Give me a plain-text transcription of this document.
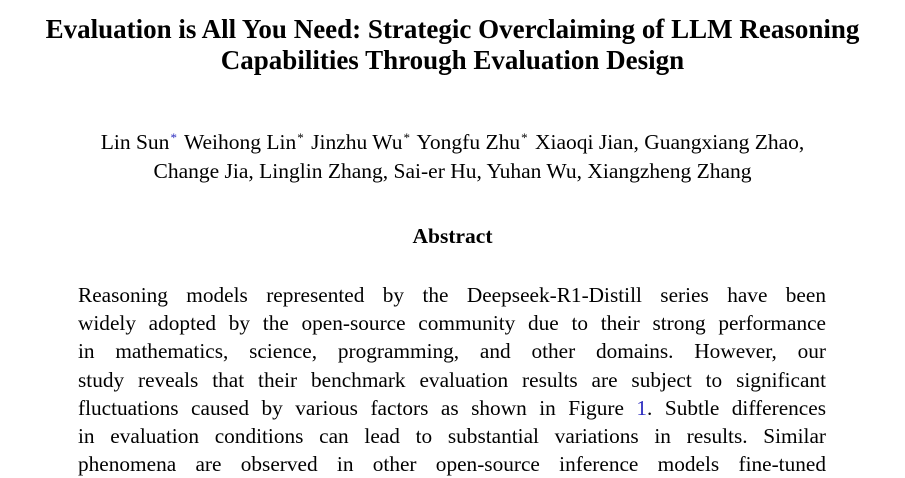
Evaluation is All You Need: Strategic Overclaiming of LLM Reasoning
Capabilities Through Evaluation Design
Lin Sun* Weihong Lin* Jinzhu Wu* Yongfu Zhu* Xiaoqi Jian, Guangxiang Zhao,
Change Jia, Linglin Zhang, Sai-er Hu, Yuhan Wu, Xiangzheng Zhang
Abstract
Reasoning models represented by the Deepseek-R1-Distill series have been
widely adopted by the open-source community due to their strong performance
in mathematics, science, programming, and other domains. However, our
study reveals that their benchmark evaluation results are subject to significant
fluctuations caused by various factors as shown in Figure 1. Subtle differences
in evaluation conditions can lead to substantial variations in results. Similar
phenomena are observed in other open-source inference models fine-tuned
